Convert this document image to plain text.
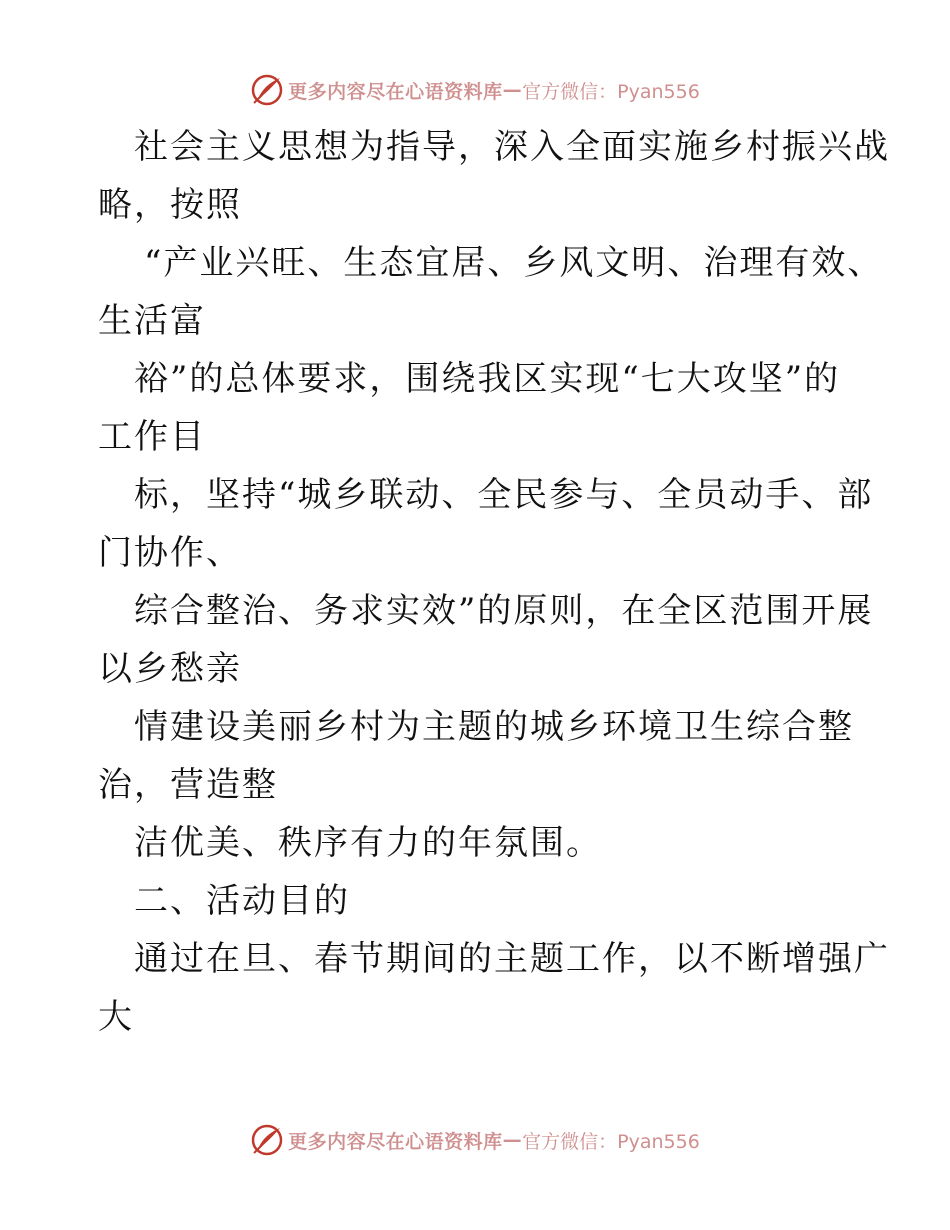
更多内容尽在心语资料库 — 官方微信：Pyan556
社会主义思想为指导，深入全面实施乡村振兴战
略，按照
“产业兴旺、生态宜居、乡风文明、治理有效、
生活富
裕”的总体要求，围绕我区实现“七大攻坚”的
工作目
标，坚持“城乡联动、全民参与、全员动手、部
门协作、
综合整治、务求实效”的原则，在全区范围开展
以乡愁亲
情建设美丽乡村为主题的城乡环境卫生综合整
治，营造整
洁优美、秩序有力的年氛围。
二、活动目的
通过在旦、春节期间的主题工作，以不断增强广
大
更多内容尽在心语资料库 — 官方微信：Pyan556
